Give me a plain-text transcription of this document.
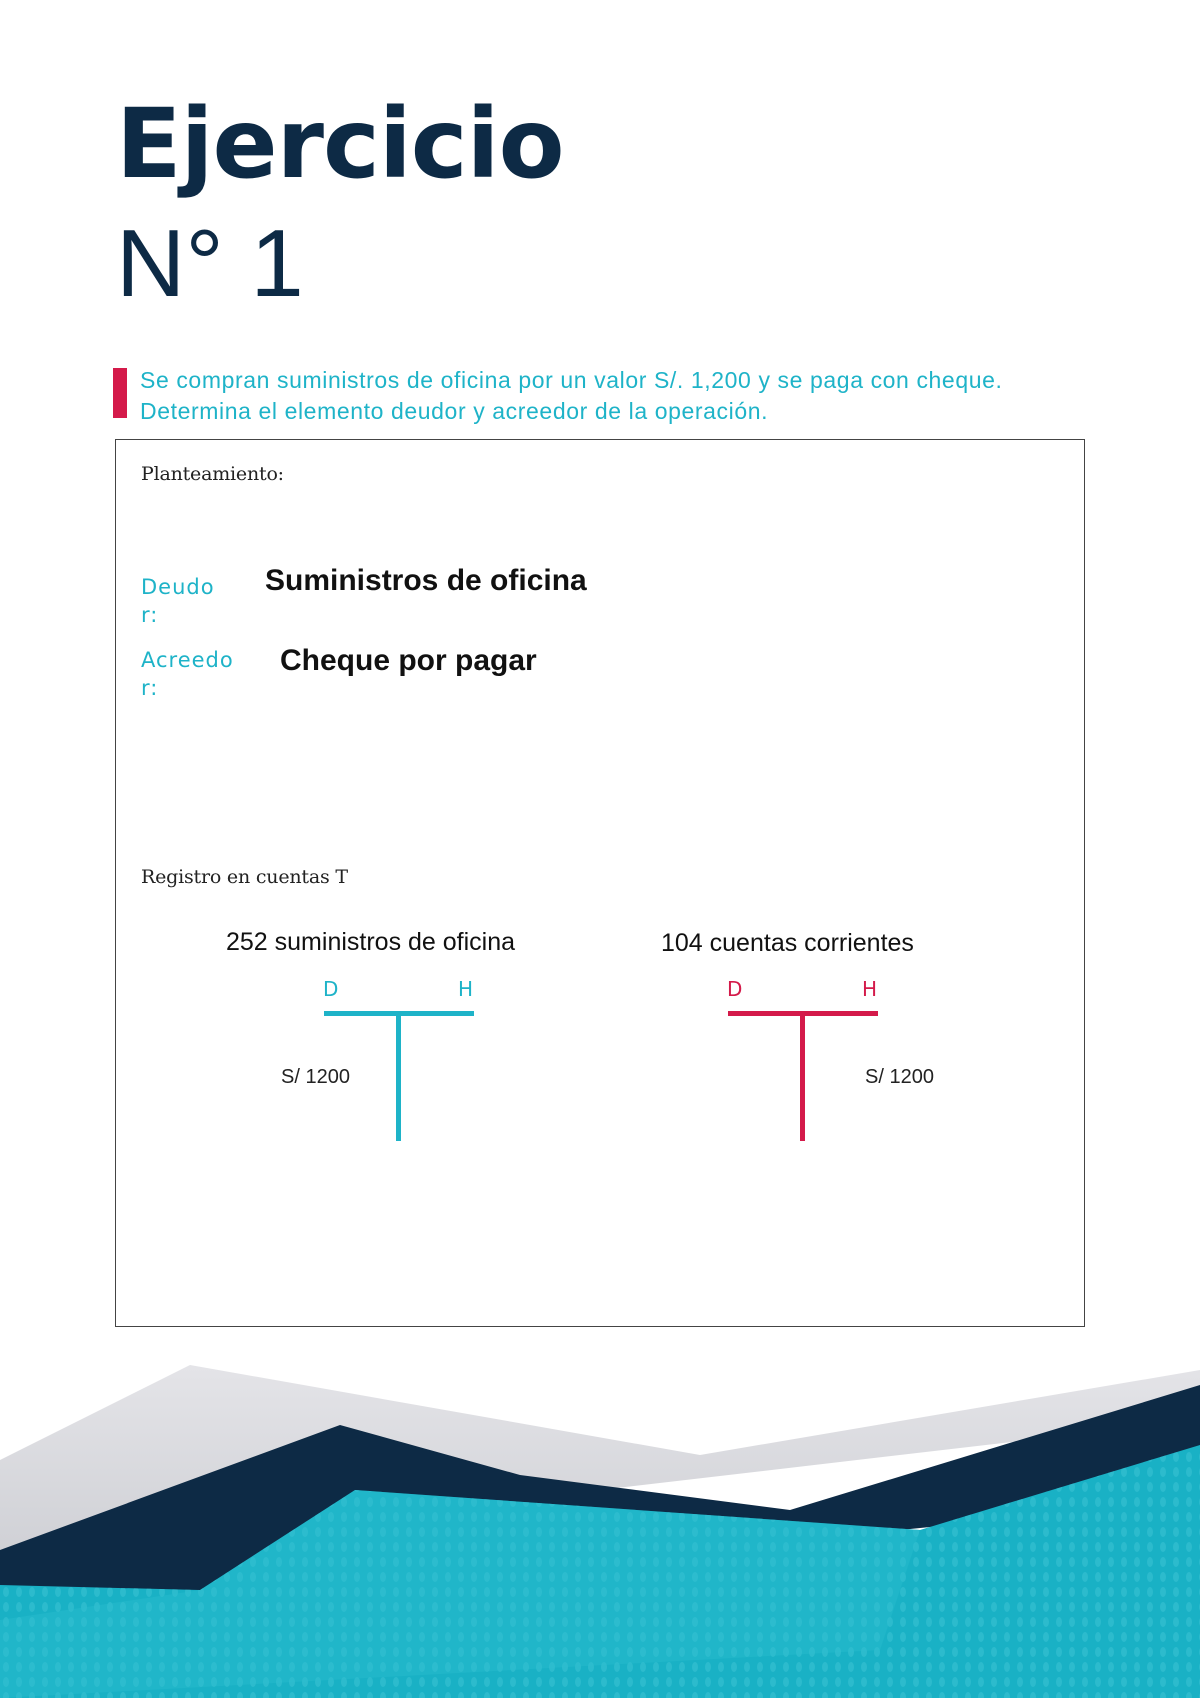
Ejercicio
N° 1
Se compran suministros de oficina por un valor S/. 1,200 y se paga con cheque.
Determina el elemento deudor y acreedor de la operación.
Planteamiento:
Deudo
r:
Suministros de oficina
Acreedo
r:
Cheque por pagar
Registro en cuentas T
252 suministros de oficina
D	H
S/ 1200
104 cuentas corrientes
D	H
S/ 1200
